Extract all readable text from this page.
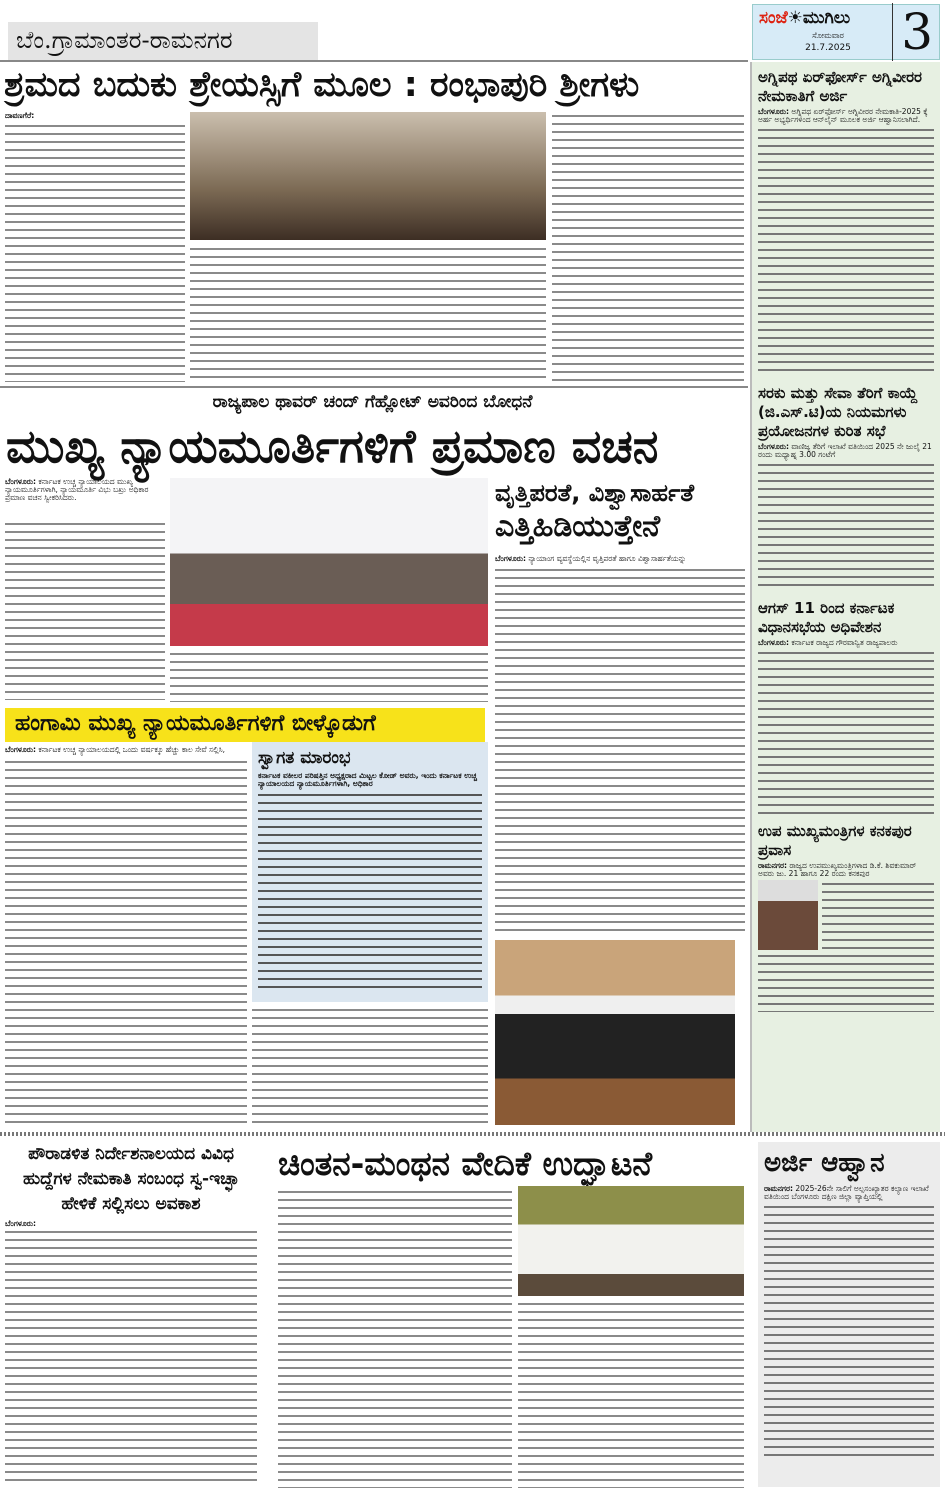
ಬೆಂ.ಗ್ರಾಮಾಂತರ-ರಾಮನಗರ
ಸಂಜೆ☀ಮುಗಿಲು
ಸೋಮವಾರ
21.7.2025 3
ಶ್ರಮದ ಬದುಕು ಶ್ರೇಯಸ್ಸಿಗೆ ಮೂಲ : ರಂಭಾಪುರಿ ಶ್ರೀಗಳು
ದಾವಣಗೆರೆ:
ರಾಜ್ಯಪಾಲ ಥಾವರ್ ಚಂದ್ ಗೆಹ್ಲೋಟ್ ಅವರಿಂದ ಬೋಧನೆ
ಮುಖ್ಯ ನ್ಯಾಯಮೂರ್ತಿಗಳಿಗೆ ಪ್ರಮಾಣ ವಚನ
ಬೆಂಗಳೂರು: ಕರ್ನಾಟಕ ಉಚ್ಚ ನ್ಯಾಯಾಲಯದ ಮುಖ್ಯ ನ್ಯಾಯಮೂರ್ತಿಗಳಾಗಿ, ನ್ಯಾಯಮೂರ್ತಿ ವಿಭು ಬಖ್ರು ಅಧಿಕಾರ ಪ್ರಮಾಣ ವಚನ ಸ್ವೀಕರಿಸಿದರು.	ವೃತ್ತಿಪರತೆ, ವಿಶ್ವಾಸಾರ್ಹತೆ
ಎತ್ತಿಹಿಡಿಯುತ್ತೇನೆ
ಬೆಂಗಳೂರು: ನ್ಯಾಯಾಂಗ ವ್ಯವಸ್ಥೆಯಲ್ಲಿನ ವೃತ್ತಿಪರತೆ ಹಾಗೂ ವಿಶ್ವಾಸಾರ್ಹತೆಯನ್ನು
ಹಂಗಾಮಿ ಮುಖ್ಯ ನ್ಯಾಯಮೂರ್ತಿಗಳಿಗೆ ಬೀಳ್ಕೊಡುಗೆ
ಬೆಂಗಳೂರು: ಕರ್ನಾಟಕ ಉಚ್ಚ ನ್ಯಾಯಾಲಯದಲ್ಲಿ ಒಂದು ವರ್ಷಕ್ಕೂ ಹೆಚ್ಚು ಕಾಲ ಸೇವೆ ಸಲ್ಲಿಸಿ,	ಸ್ವಾಗತ ಮಾರಂಭ
ಕರ್ನಾಟಕ ವಕೀಲರ ಪರಿಷತ್ತಿನ ಅಧ್ಯಕ್ಷರಾದ ಮಿಟ್ಟಲ ಕೋಡ್ ಅವರು, ಇಂದು ಕರ್ನಾಟಕ ಉಚ್ಚ ನ್ಯಾಯಾಲಯದ ನ್ಯಾಯಮೂರ್ತಿಗಳಾಗಿ, ಅಧಿಕಾರ
ಅಗ್ನಿಪಥ ಏರ್‌ಫೋರ್ಸ್ ಅಗ್ನಿವೀರರ ನೇಮಕಾತಿಗೆ ಅರ್ಜಿ
ಬೆಂಗಳೂರು: ಅಗ್ನಿಪಥ ಏರ್‌ಫೋರ್ಸ್ ಅಗ್ನಿವೀರರ ನೇಮಕಾತಿ-2025 ಕ್ಕೆ ಅರ್ಹ ಅಭ್ಯರ್ಥಿಗಳಿಂದ ಆನ್‌ಲೈನ್ ಮೂಲಕ ಅರ್ಜಿ ಆಹ್ವಾನಿಸಲಾಗಿದೆ.
ಸರಕು ಮತ್ತು ಸೇವಾ ತೆರಿಗೆ ಕಾಯ್ದೆ (ಜಿ.ಎಸ್.ಟಿ)ಯ ನಿಯಮಗಳು ಪ್ರಯೋಜನಗಳ ಕುರಿತ ಸಭೆ
ಬೆಂಗಳೂರು: ವಾಣಿಜ್ಯ ತೆರಿಗೆ ಇಲಾಖೆ ವತಿಯಿಂದ 2025 ನೇ ಜುಲೈ 21 ರಂದು ಮಧ್ಯಾಹ್ನ 3.00 ಗಂಟೆಗೆ
ಆಗಸ್ 11 ರಿಂದ ಕರ್ನಾಟಕ ವಿಧಾನಸಭೆಯ ಅಧಿವೇಶನ
ಬೆಂಗಳೂರು: ಕರ್ನಾಟಕ ರಾಜ್ಯದ ಗೌರವಾನ್ವಿತ ರಾಜ್ಯಪಾಲರು
ಉಪ ಮುಖ್ಯಮಂತ್ರಿಗಳ ಕನಕಪುರ ಪ್ರವಾಸ
ರಾಮನಗರ: ರಾಜ್ಯದ ಉಪಮುಖ್ಯಮಂತ್ರಿಗಳಾದ ಡಿ.ಕೆ. ಶಿವಕುಮಾರ್ ಅವರು ಜು. 21 ಹಾಗೂ 22 ರಂದು ಕನಕಪುರ
ಪೌರಾಡಳಿತ ನಿರ್ದೇಶನಾಲಯದ ವಿವಿಧ ಹುದ್ದೆಗಳ ನೇಮಕಾತಿ ಸಂಬಂಧ ಸ್ವ-ಇಚ್ಛಾ ಹೇಳಿಕೆ ಸಲ್ಲಿಸಲು ಅವಕಾಶ
ಬೆಂಗಳೂರು:
ಚಿಂತನ-ಮಂಥನ ವೇದಿಕೆ ಉದ್ಘಾಟನೆ	ಅರ್ಜಿ ಆಹ್ವಾನ
ರಾಮನಗರ: 2025-26ನೇ ಸಾಲಿಗೆ ಅಲ್ಪಸಂಖ್ಯಾತರ ಕಲ್ಯಾಣ ಇಲಾಖೆ ವತಿಯಿಂದ ಬೆಂಗಳೂರು ದಕ್ಷಿಣ ಜಿಲ್ಲಾ ವ್ಯಾಪ್ತಿಯಲ್ಲಿ
